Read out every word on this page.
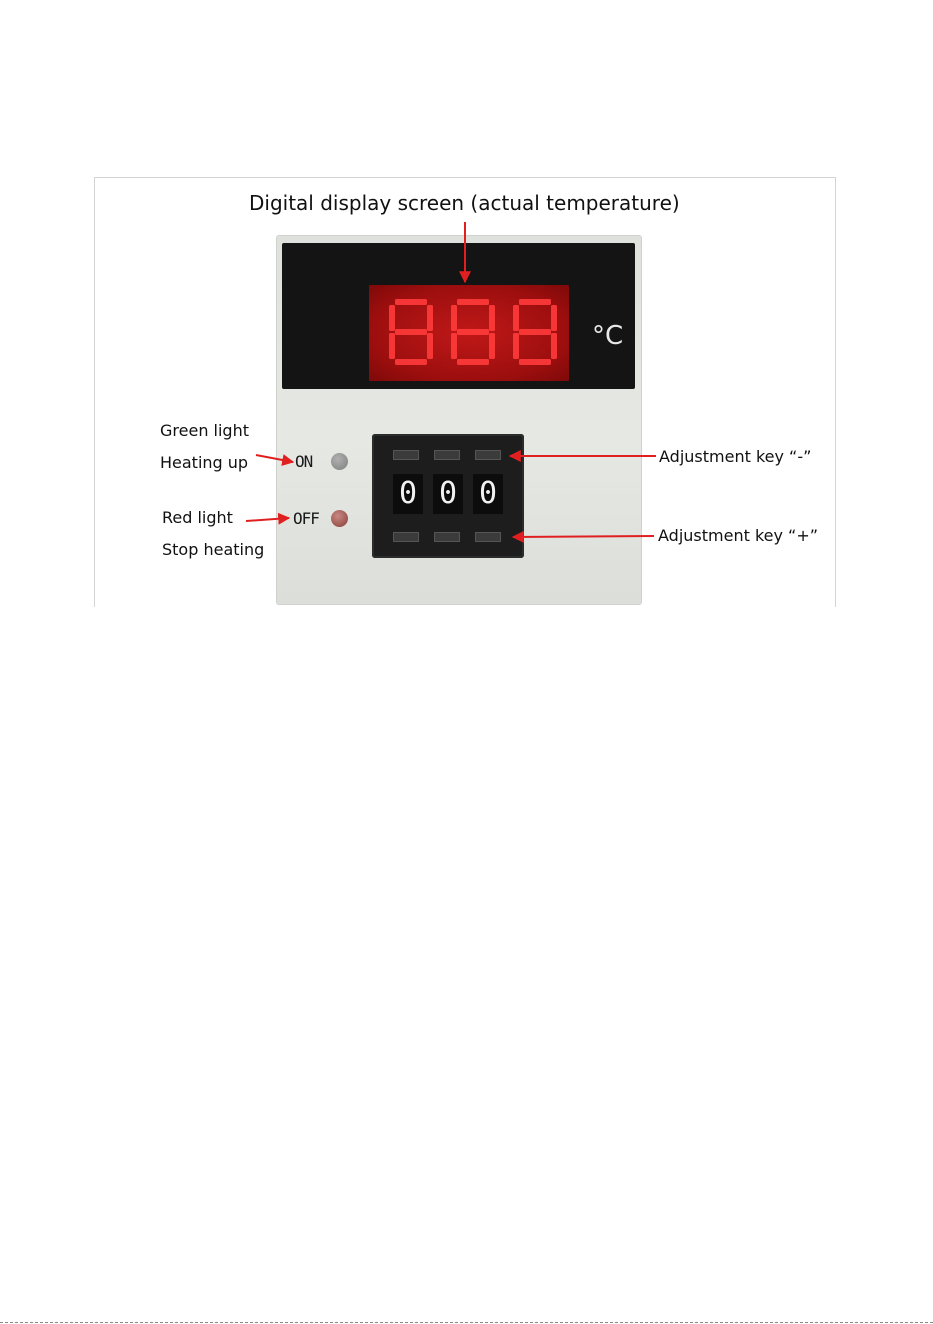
Digital display screen (actual temperature)
Green light
Heating up
Red light
Stop heating
Adjustment key “-”
Adjustment key “+”
°C
ON
OFF
0 0 0
